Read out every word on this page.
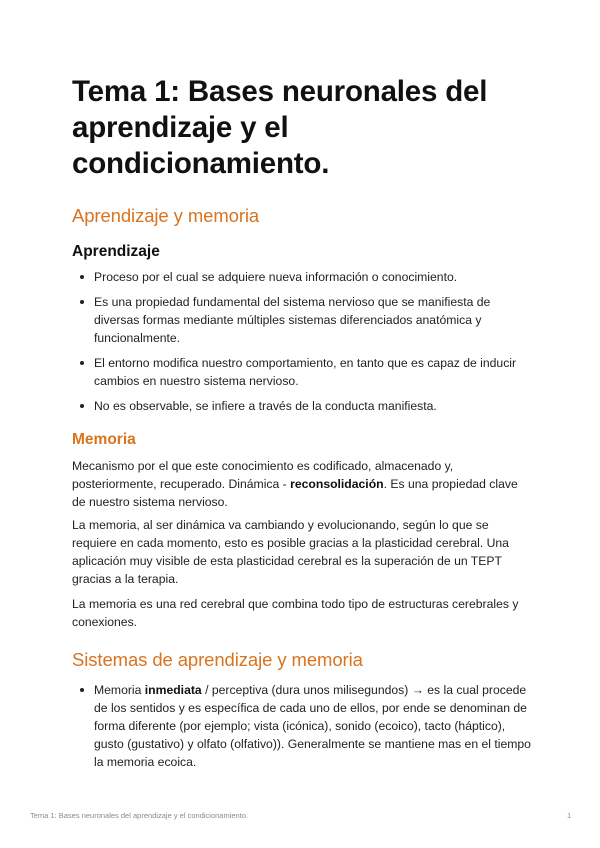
Tema 1: Bases neuronales del aprendizaje y el condicionamiento.
Aprendizaje y memoria
Aprendizaje
Proceso por el cual se adquiere nueva información o conocimiento.
Es una propiedad fundamental del sistema nervioso que se manifiesta de diversas formas mediante múltiples sistemas diferenciados anatómica y funcionalmente.
El entorno modifica nuestro comportamiento, en tanto que es capaz de inducir cambios en nuestro sistema nervioso.
No es observable, se infiere a través de la conducta manifiesta.
Memoria

Mecanismo por el que este conocimiento es codificado, almacenado y, posteriormente, recuperado. Dinámica - reconsolidación. Es una propiedad clave de nuestro sistema nervioso.

La memoria, al ser dinámica va cambiando y evolucionando, según lo que se requiere en cada momento, esto es posible gracias a la plasticidad cerebral. Una aplicación muy visible de esta plasticidad cerebral es la superación de un TEPT gracias a la terapia.

La memoria es una red cerebral que combina todo tipo de estructuras cerebrales y conexiones.

Sistemas de aprendizaje y memoria
Memoria inmediata / perceptiva (dura unos milisegundos) → es la cual procede de los sentidos y es específica de cada uno de ellos, por ende se denominan de forma diferente (por ejemplo; vista (icónica), sonido (ecoico), tacto (háptico), gusto (gustativo) y olfato (olfativo)). Generalmente se mantiene mas en el tiempo la memoria ecoica.
Tema 1: Bases neuronales del aprendizaje y el condicionamiento.	1
